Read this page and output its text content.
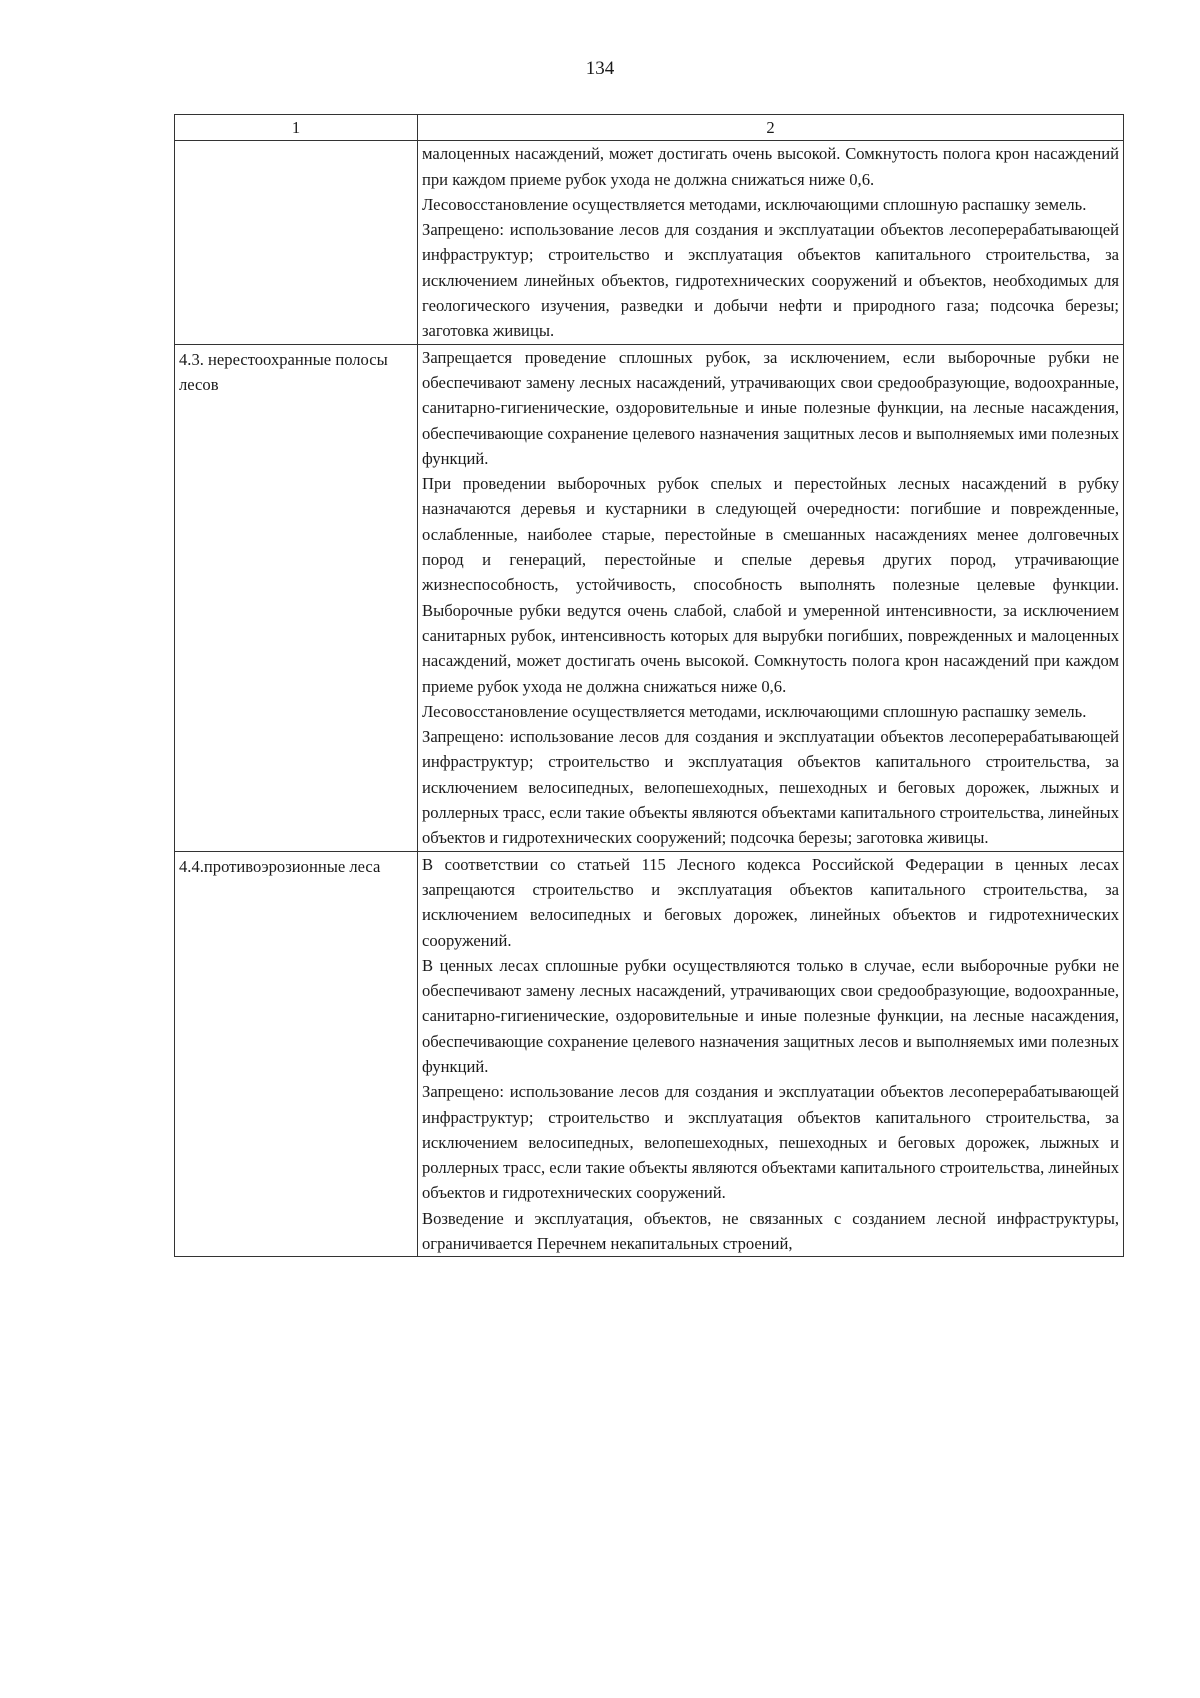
134
1	2

	малоценных насаждений, может достигать очень высокой. Сомкнутость полога крон насаждений при каждом приеме рубок ухода не должна снижаться ниже 0,6.

Лесовосстановление осуществляется методами, исключающими сплошную распашку земель.

Запрещено: использование лесов для создания и эксплуатации объектов лесоперерабатывающей инфраструктур; строительство и эксплуатация объектов капитального строительства, за исключением линейных объектов, гидротехнических сооружений и объектов, необходимых для геологического изучения, разведки и добычи нефти и природного газа; подсочка березы; заготовка живицы.

4.3. нерестоохранные полосы лесов	Запрещается проведение сплошных рубок, за исключением, если выборочные рубки не обеспечивают замену лесных насаждений, утрачивающих свои средообразующие, водоохранные, санитарно-гигиенические, оздоровительные и иные полезные функции, на лесные насаждения, обеспечивающие сохранение целевого назначения защитных лесов и выполняемых ими полезных функций.

При проведении выборочных рубок спелых и перестойных лесных насаждений в рубку назначаются деревья и кустарники в следующей очередности: погибшие и поврежденные, ослабленные, наиболее старые, перестойные в смешанных насаждениях менее долговечных пород и генераций, перестойные и спелые деревья других пород, утрачивающие жизнеспособность, устойчивость, способность выполнять полезные целевые функции. Выборочные рубки ведутся очень слабой, слабой и умеренной интенсивности, за исключением санитарных рубок, интенсивность которых для вырубки погибших, поврежденных и малоценных насаждений, может достигать очень высокой. Сомкнутость полога крон насаждений при каждом приеме рубок ухода не должна снижаться ниже 0,6.

Лесовосстановление осуществляется методами, исключающими сплошную распашку земель.

Запрещено: использование лесов для создания и эксплуатации объектов лесоперерабатывающей инфраструктур; строительство и эксплуатация объектов капитального строительства, за исключением велосипедных, велопешеходных, пешеходных и беговых дорожек, лыжных и роллерных трасс, если такие объекты являются объектами капитального строительства, линейных объектов и гидротехнических сооружений; подсочка березы; заготовка живицы.

4.4.противоэрозионные леса	В соответствии со статьей 115 Лесного кодекса Российской Федерации в ценных лесах запрещаются строительство и эксплуатация объектов капитального строительства, за исключением велосипедных и беговых дорожек, линейных объектов и гидротехнических сооружений.

В ценных лесах сплошные рубки осуществляются только в случае, если выборочные рубки не обеспечивают замену лесных насаждений, утрачивающих свои средообразующие, водоохранные, санитарно-гигиенические, оздоровительные и иные полезные функции, на лесные насаждения, обеспечивающие сохранение целевого назначения защитных лесов и выполняемых ими полезных функций.

Запрещено: использование лесов для создания и эксплуатации объектов лесоперерабатывающей инфраструктур; строительство и эксплуатация объектов капитального строительства, за исключением велосипедных, велопешеходных, пешеходных и беговых дорожек, лыжных и роллерных трасс, если такие объекты являются объектами капитального строительства, линейных объектов и гидротехнических сооружений.

Возведение и эксплуатация, объектов, не связанных с созданием лесной инфраструктуры, ограничивается Перечнем некапитальных строений,
